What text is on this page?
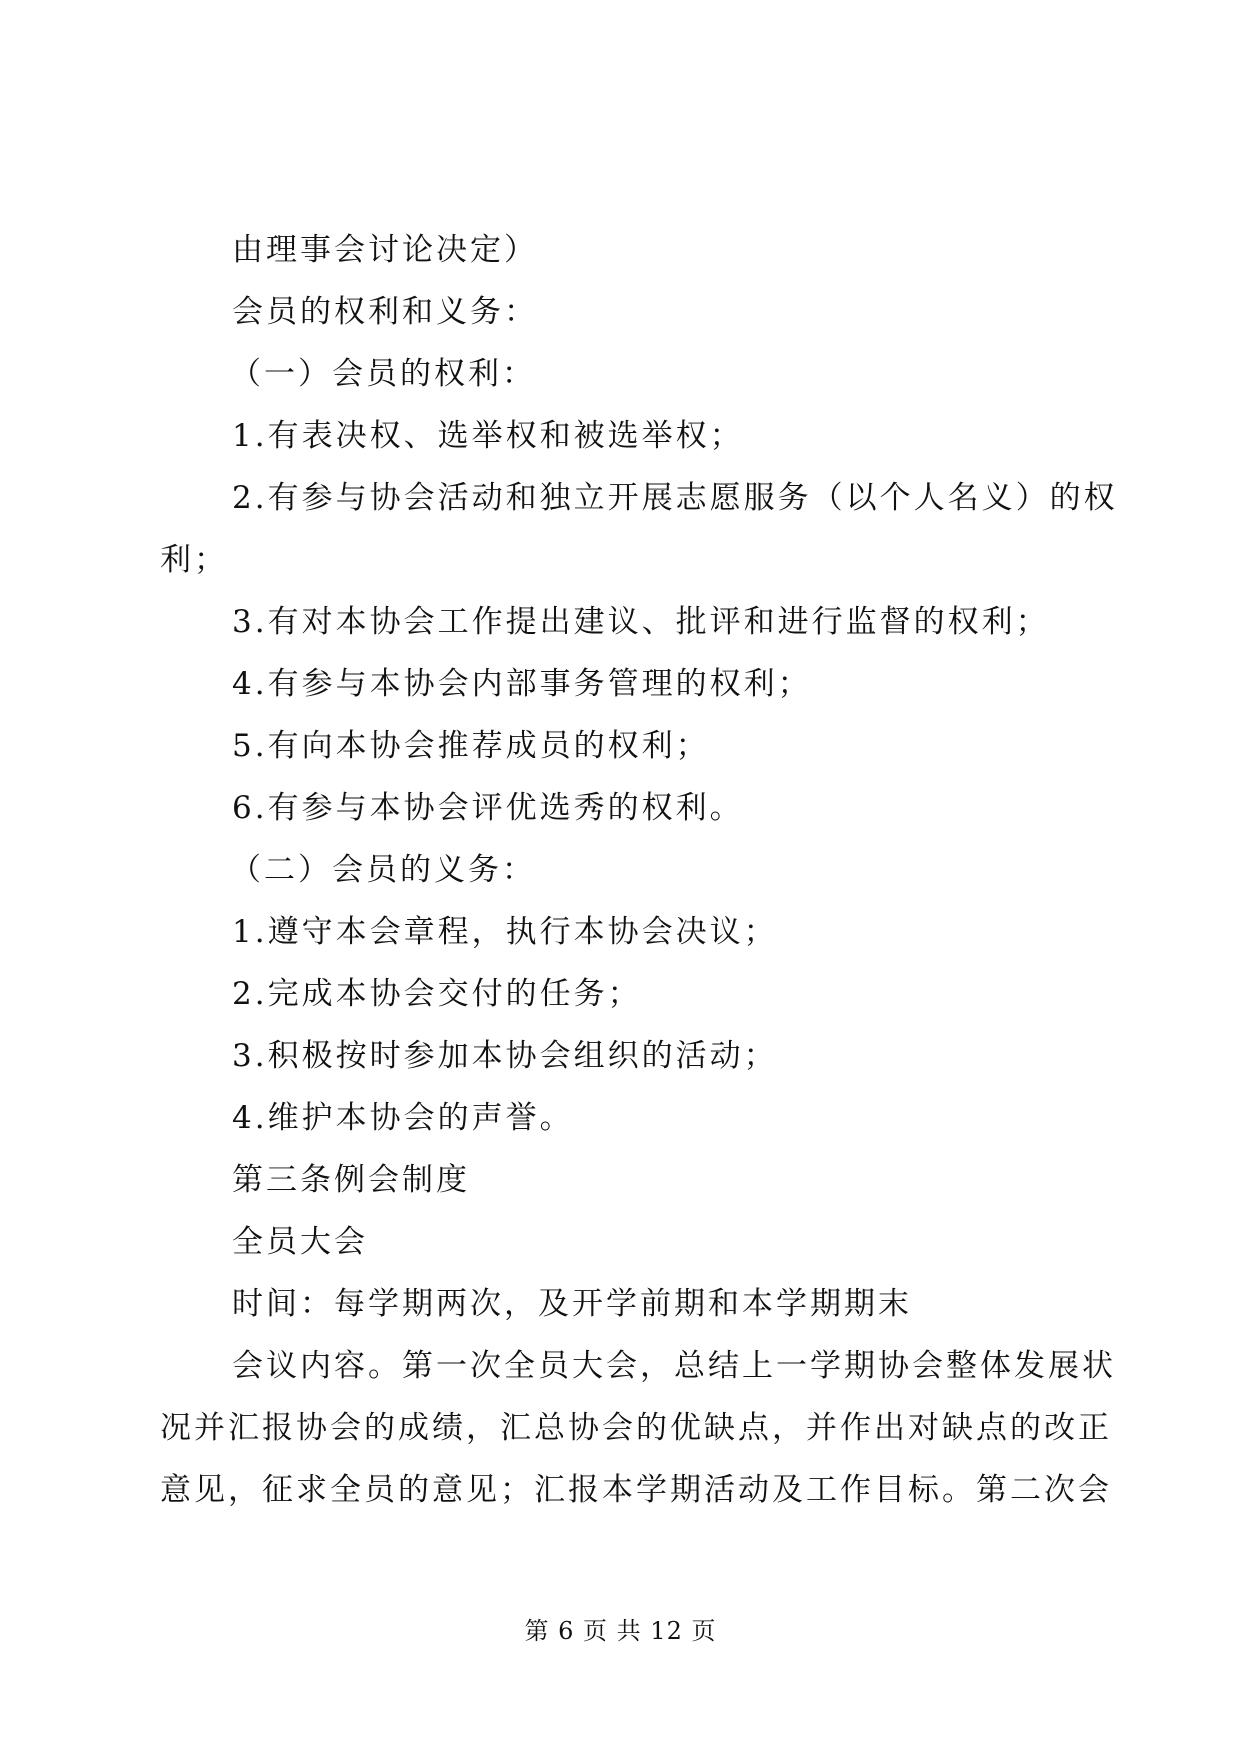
由理事会讨论决定）
会员的权利和义务：
（一）会员的权利：
1.有表决权、选举权和被选举权；
2.有参与协会活动和独立开展志愿服务（以个人名义）的权
利；
3.有对本协会工作提出建议、批评和进行监督的权利；
4.有参与本协会内部事务管理的权利；
5.有向本协会推荐成员的权利；
6.有参与本协会评优选秀的权利。
（二）会员的义务：
1.遵守本会章程，执行本协会决议；
2.完成本协会交付的任务；
3.积极按时参加本协会组织的活动；
4.维护本协会的声誉。
第三条例会制度
全员大会
时间：每学期两次，及开学前期和本学期期末
会议内容。第一次全员大会，总结上一学期协会整体发展状
况并汇报协会的成绩，汇总协会的优缺点，并作出对缺点的改正
意见，征求全员的意见；汇报本学期活动及工作目标。第二次会
第 6 页 共 12 页
